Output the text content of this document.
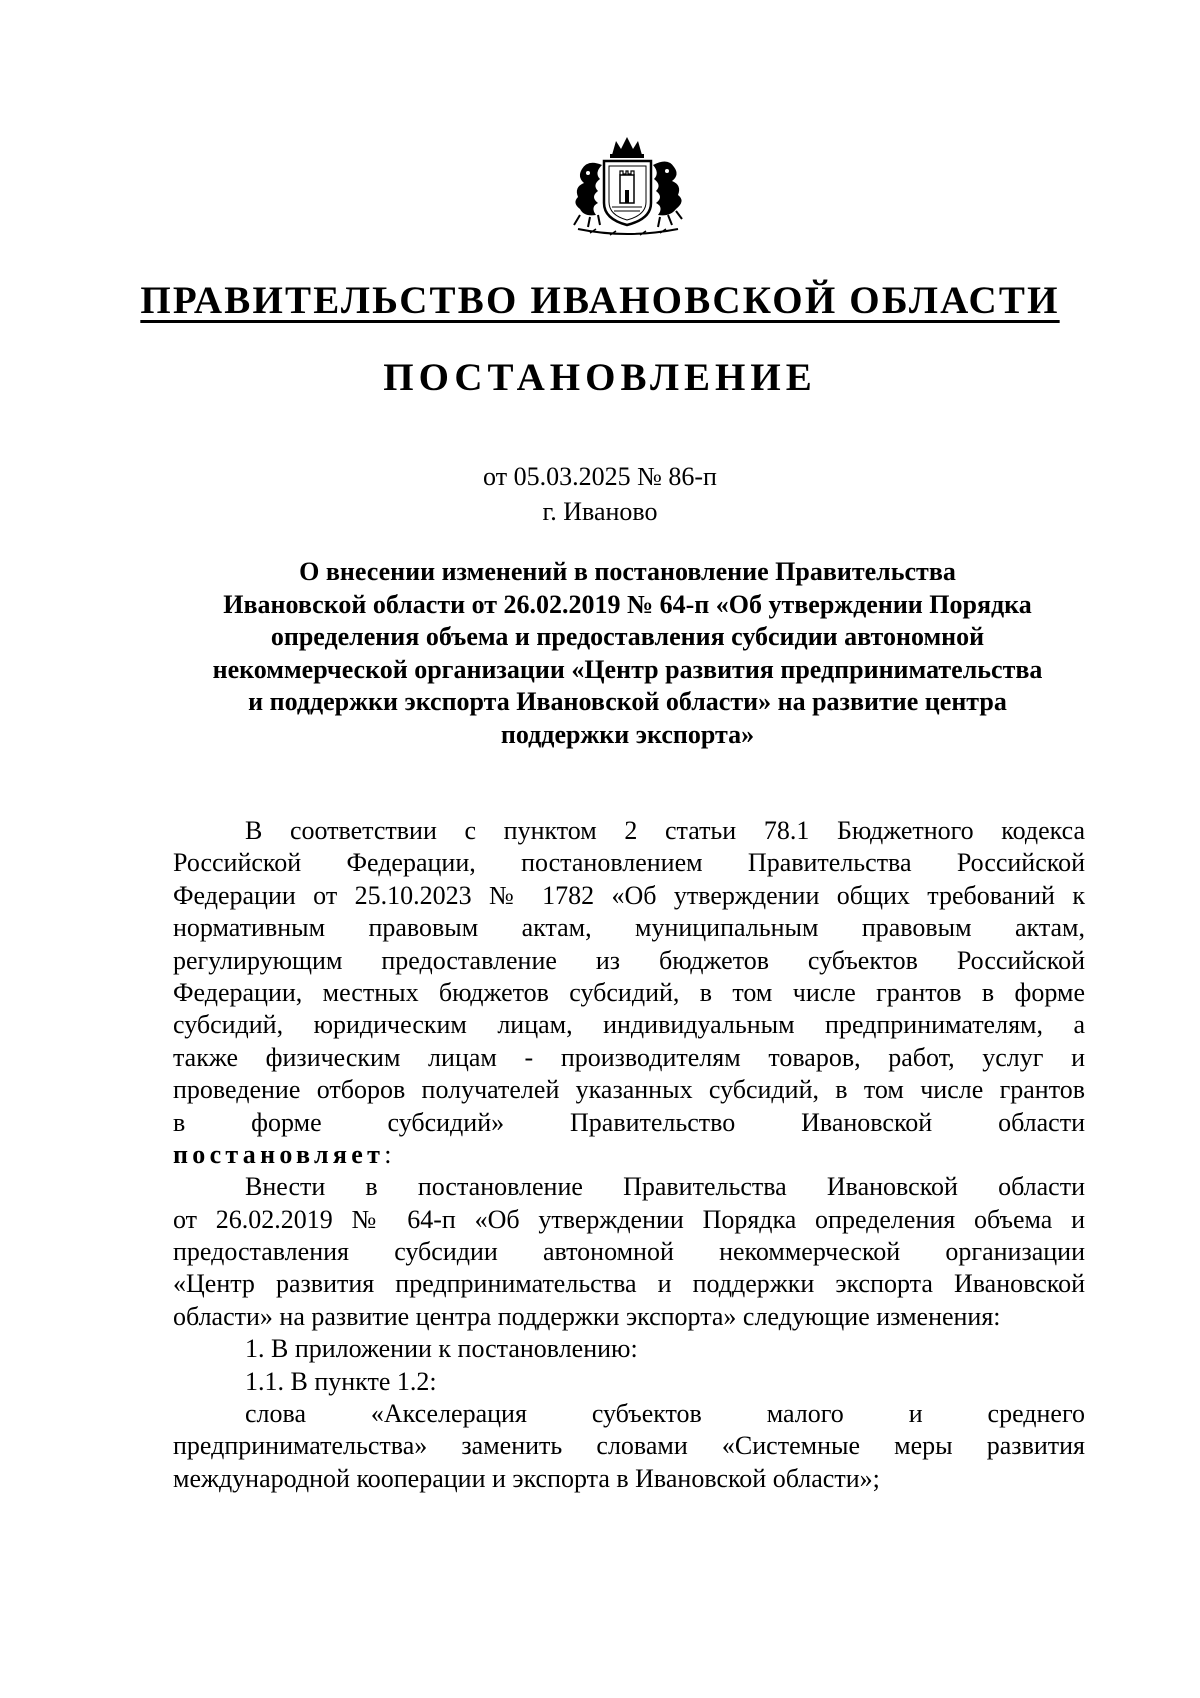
ПРАВИТЕЛЬСТВО ИВАНОВСКОЙ ОБЛАСТИ
ПОСТАНОВЛЕНИЕ
от 05.03.2025 № 86-п
г. Иваново
О внесении изменений в постановление Правительства
Ивановской области от 26.02.2019 № 64-п «Об утверждении Порядка
определения объема и предоставления субсидии автономной
некоммерческой организации «Центр развития предпринимательства
и поддержки экспорта Ивановской области» на развитие центра
поддержки экспорта»
В соответствии с пунктом 2 статьи 78.1 Бюджетного кодекса
Российской Федерации, постановлением Правительства Российской
Федерации от 25.10.2023 № 1782 «Об утверждении общих требований к
нормативным правовым актам, муниципальным правовым актам,
регулирующим предоставление из бюджетов субъектов Российской
Федерации, местных бюджетов субсидий, в том числе грантов в форме
субсидий, юридическим лицам, индивидуальным предпринимателям, а
также физическим лицам - производителям товаров, работ, услуг и
проведение отборов получателей указанных субсидий, в том числе грантов
в форме субсидий» Правительство Ивановской области
постановляет:
Внести в постановление Правительства Ивановской области
от 26.02.2019 № 64-п «Об утверждении Порядка определения объема и
предоставления субсидии автономной некоммерческой организации
«Центр развития предпринимательства и поддержки экспорта Ивановской
области» на развитие центра поддержки экспорта» следующие изменения:
1. В приложении к постановлению:
1.1. В пункте 1.2:
слова «Акселерация субъектов малого и среднего
предпринимательства» заменить словами «Системные меры развития
международной кооперации и экспорта в Ивановской области»;
